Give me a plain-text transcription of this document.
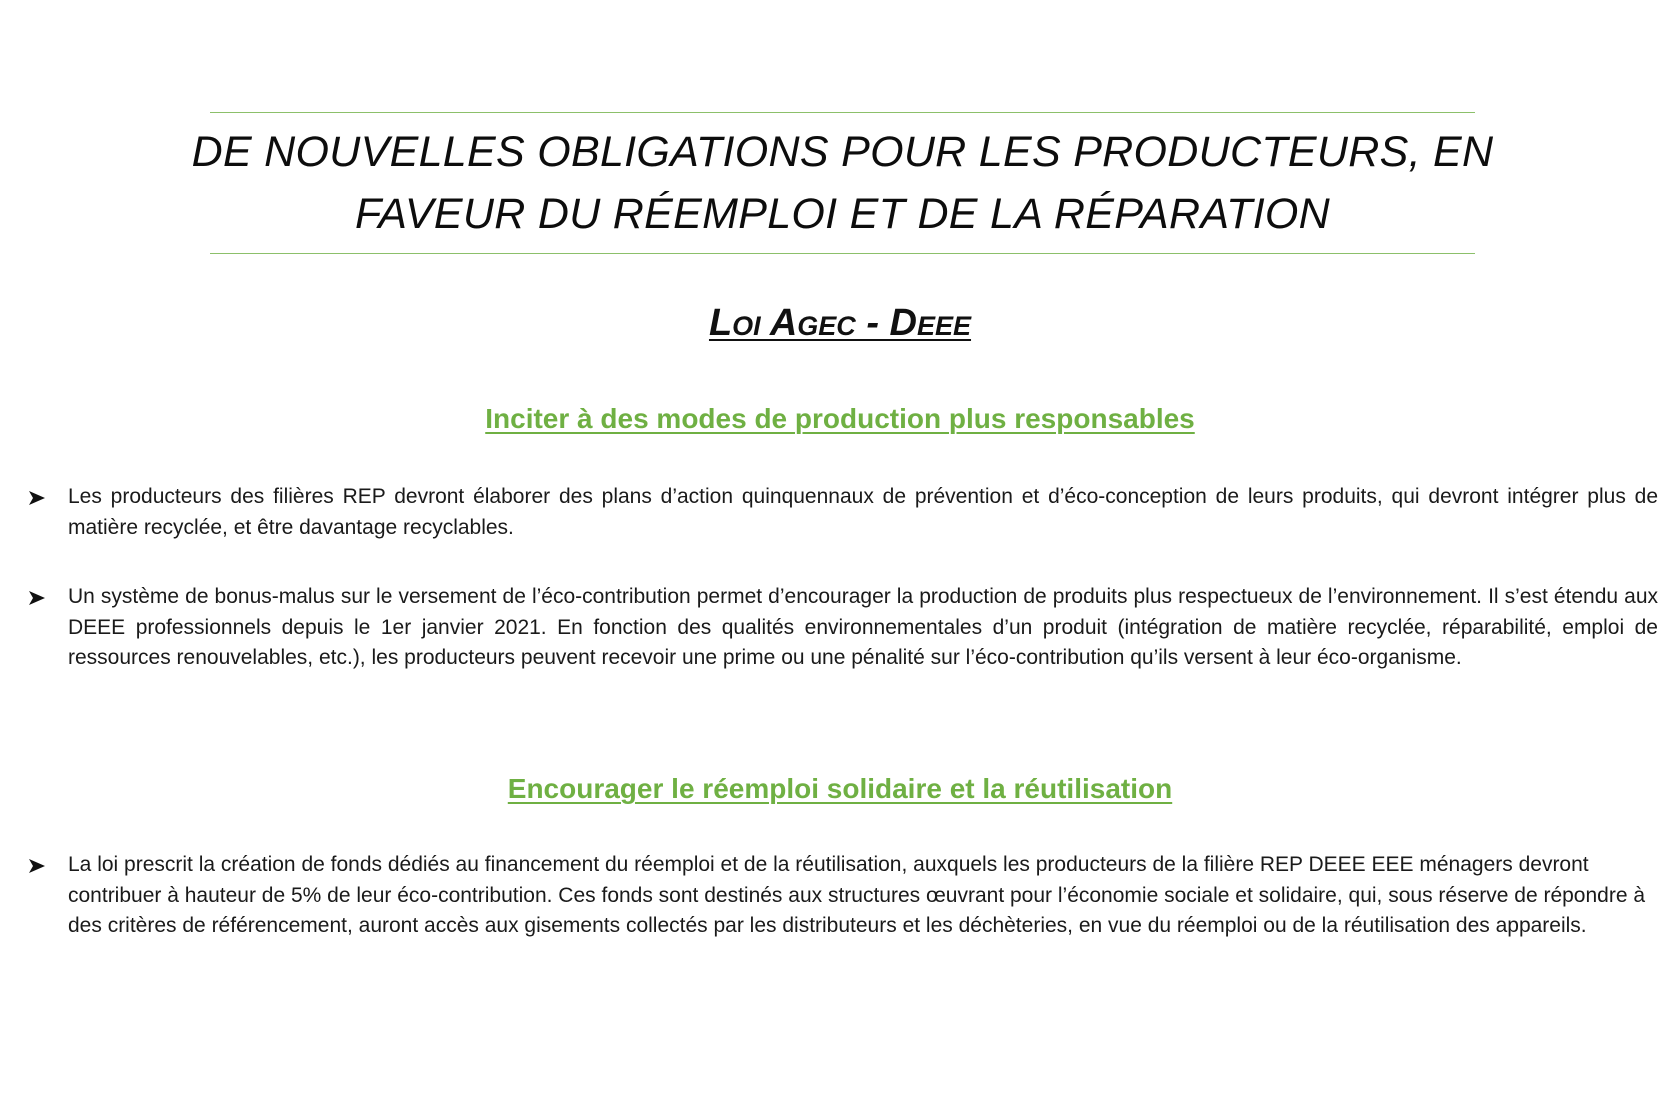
DE NOUVELLES OBLIGATIONS POUR LES PRODUCTEURS, EN
FAVEUR DU RÉEMPLOI ET DE LA RÉPARATION
Loi Agec - Deee
Inciter à des modes de production plus responsables
Les producteurs des filières REP devront élaborer des plans d’action quinquennaux de prévention et d’éco-conception de leurs produits, qui devront intégrer plus de matière recyclée, et être davantage recyclables.
Un système de bonus-malus sur le versement de l’éco-contribution permet d’encourager la production de produits plus respectueux de l’environnement. Il s’est étendu aux DEEE professionnels depuis le 1er janvier 2021. En fonction des qualités environnementales d’un produit (intégration de matière recyclée, réparabilité, emploi de ressources renouvelables, etc.), les producteurs peuvent recevoir une prime ou une pénalité sur l’éco-contribution qu’ils versent à leur éco-organisme.
Encourager le réemploi solidaire et la réutilisation
La loi prescrit la création de fonds dédiés au financement du réemploi et de la réutilisation, auxquels les producteurs de la filière REP DEEE EEE ménagers devront contribuer à hauteur de 5% de leur éco-contribution. Ces fonds sont destinés aux structures œuvrant pour l’économie sociale et solidaire, qui, sous réserve de répondre à des critères de référencement, auront accès aux gisements collectés par les distributeurs et les déchèteries, en vue du réemploi ou de la réutilisation des appareils.
